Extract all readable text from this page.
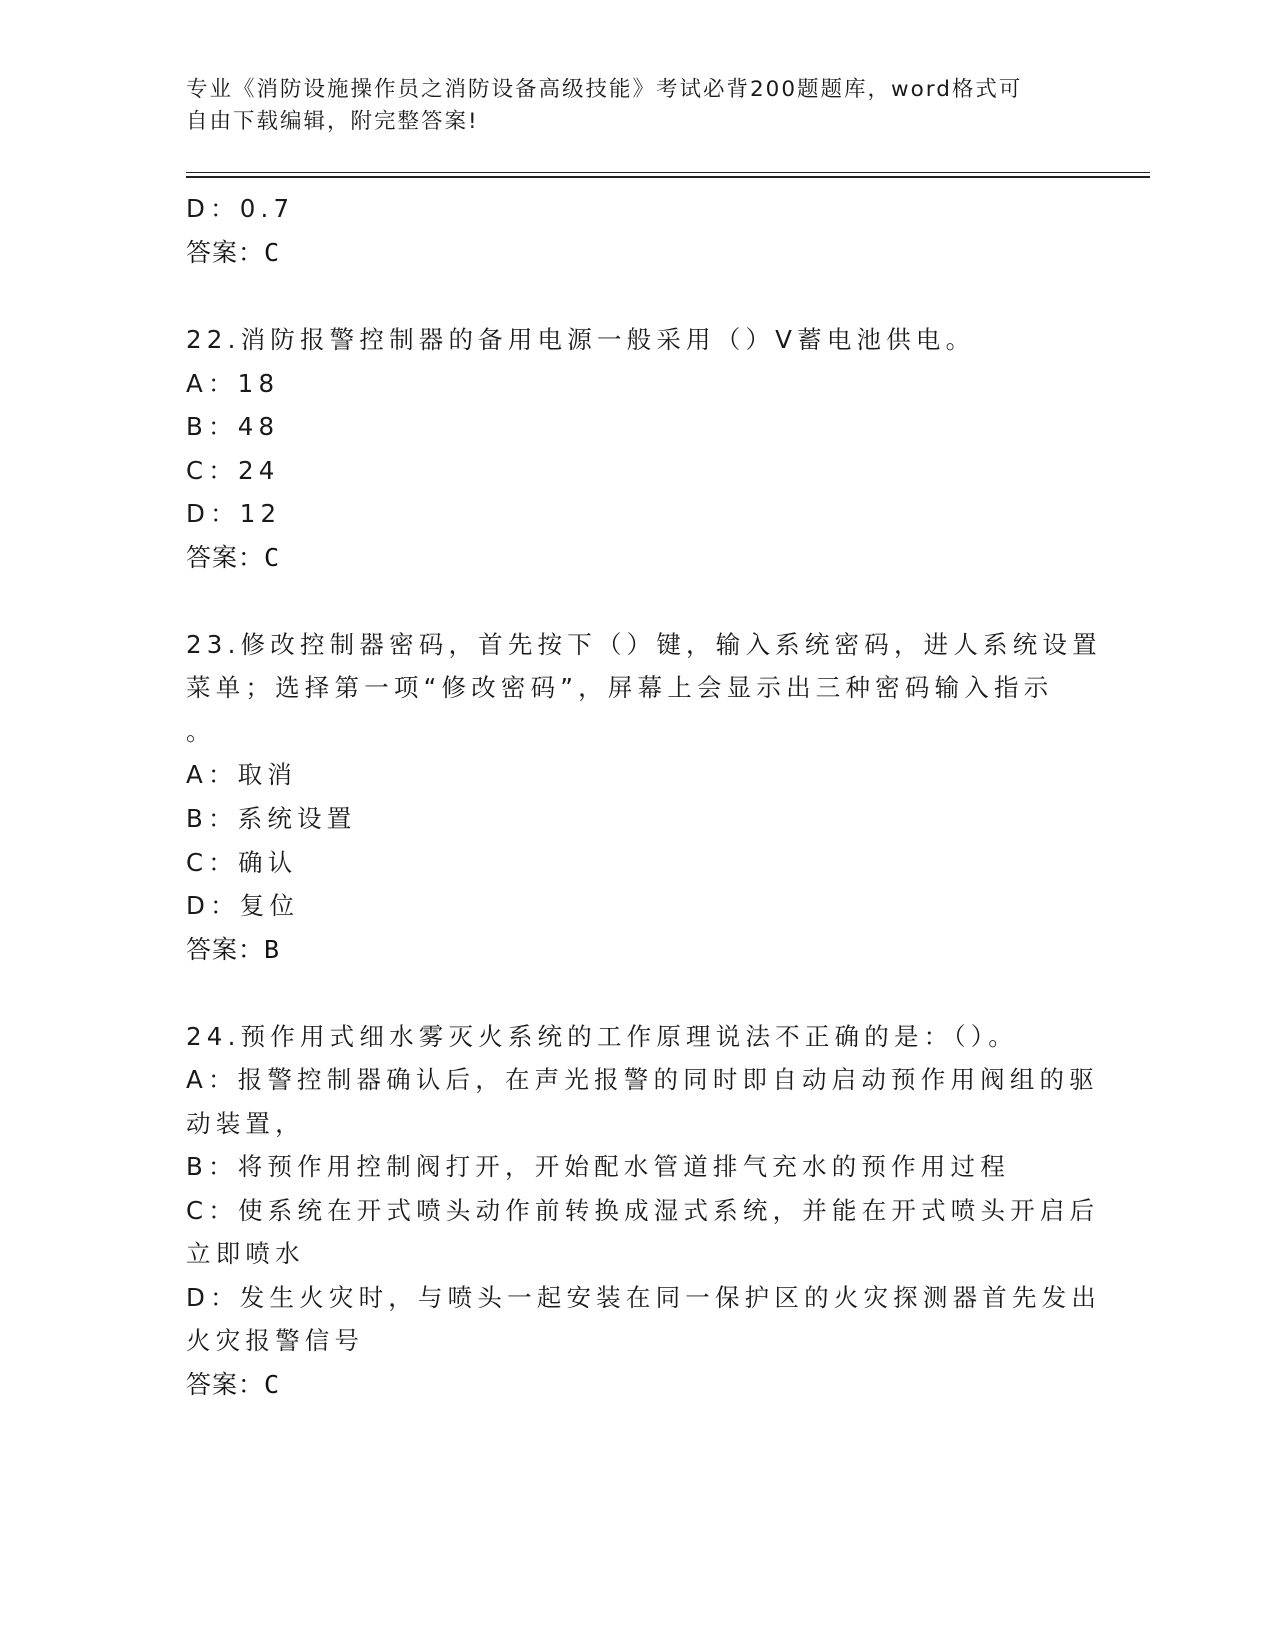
专业《消防设施操作员之消防设备高级技能》考试必背200题题库，word格式可
自由下载编辑，附完整答案!
D：0.7
答案：C
22.消防报警控制器的备用电源一般采用（）V蓄电池供电。
A：18
B：48
C：24
D：12
答案：C
23.修改控制器密码，首先按下（）键，输入系统密码，进人系统设置
菜单；选择第一项“修改密码”，屏幕上会显示出三种密码输入指示
。
A：取消
B：系统设置
C：确认
D：复位
答案：B
24.预作用式细水雾灭火系统的工作原理说法不正确的是：（）。
A：报警控制器确认后，在声光报警的同时即自动启动预作用阀组的驱
动装置，
B：将预作用控制阀打开，开始配水管道排气充水的预作用过程
C：使系统在开式喷头动作前转换成湿式系统，并能在开式喷头开启后
立即喷水
D：发生火灾时，与喷头一起安装在同一保护区的火灾探测器首先发出
火灾报警信号
答案：C
